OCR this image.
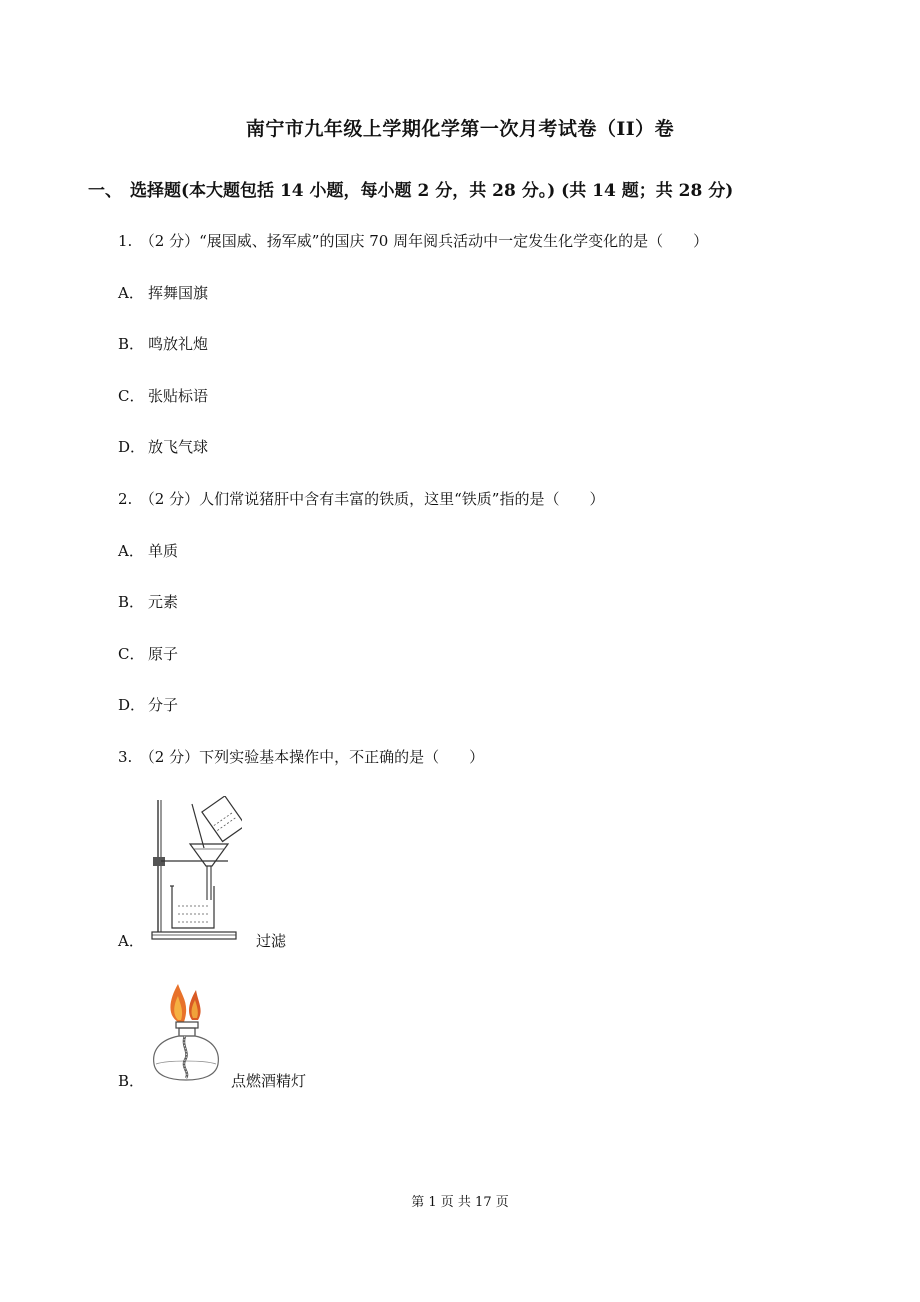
南宁市九年级上学期化学第一次月考试卷（II）卷
一、 选择题(本大题包括 14 小题，每小题 2 分，共 28 分。) (共 14 题；共 28 分)
1.　（2 分）“展国威、扬军威”的国庆 70 周年阅兵活动中一定发生化学变化的是（　　）
A． 挥舞国旗
B． 鸣放礼炮
C． 张贴标语
D． 放飞气球
2.　（2 分）人们常说猪肝中含有丰富的铁质，这里“铁质”指的是（　　）
A． 单质
B． 元素
C． 原子
D． 分子
3.　（2 分）下列实验基本操作中，不正确的是（　　）
A．	过滤
B．	点燃酒精灯
第 1 页 共 17 页
